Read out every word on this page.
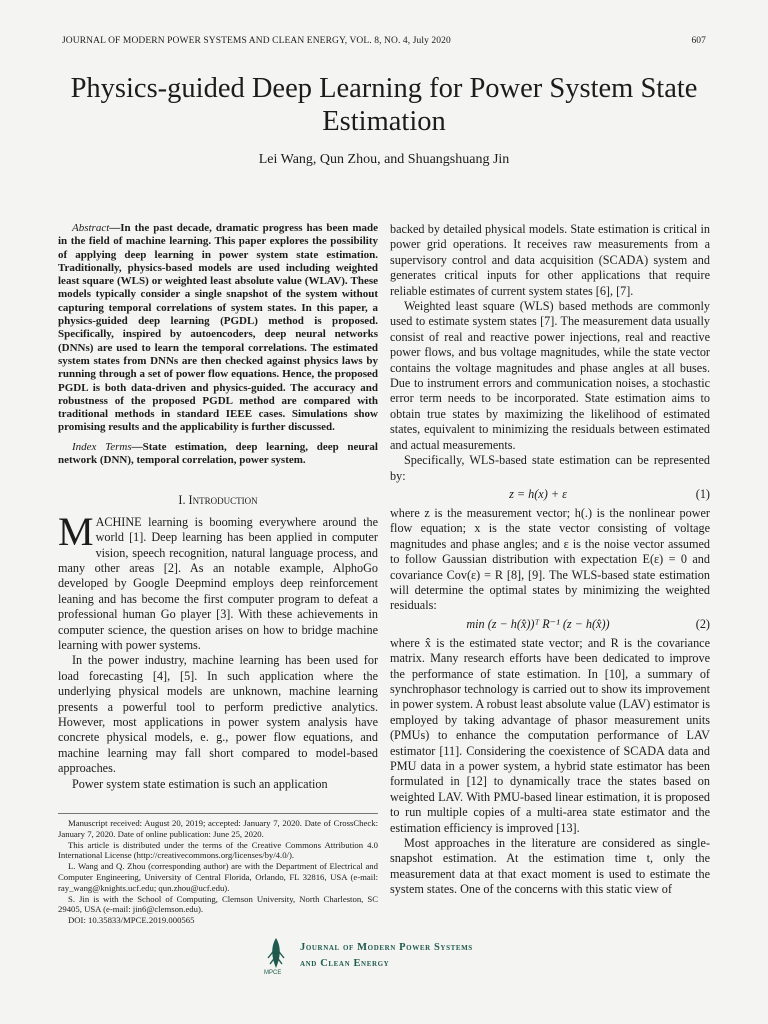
JOURNAL OF MODERN POWER SYSTEMS AND CLEAN ENERGY, VOL. 8, NO. 4, July 2020	607
Physics-guided Deep Learning for Power System State Estimation
Lei Wang, Qun Zhou, and Shuangshuang Jin

Abstract—In the past decade, dramatic progress has been made in the field of machine learning. This paper explores the possibility of applying deep learning in power system state estimation. Traditionally, physics-based models are used including weighted least square (WLS) or weighted least absolute value (WLAV). These models typically consider a single snapshot of the system without capturing temporal correlations of system states. In this paper, a physics-guided deep learning (PGDL) method is proposed. Specifically, inspired by autoencoders, deep neural networks (DNNs) are used to learn the temporal correlations. The estimated system states from DNNs are then checked against physics laws by running through a set of power flow equations. Hence, the proposed PGDL is both data-driven and physics-guided. The accuracy and robustness of the proposed PGDL method are compared with traditional methods in standard IEEE cases. Simulations show promising results and the applicability is further discussed.

Index Terms—State estimation, deep learning, deep neural network (DNN), temporal correlation, power system.

I. Introduction

MACHINE learning is booming everywhere around the world [1]. Deep learning has been applied in computer vision, speech recognition, natural language process, and many other areas [2]. As an notable example, AlphoGo developed by Google Deepmind employs deep reinforcement leaning and has become the first computer program to defeat a professional human Go player [3]. With these achievements in computer science, the question arises on how to bridge machine learning with power systems.

In the power industry, machine learning has been used for load forecasting [4], [5]. In such application where the underlying physical models are unknown, machine learning presents a powerful tool to perform predictive analytics. However, most applications in power system analysis have concrete physical models, e. g., power flow equations, and machine learning may fall short compared to model-based approaches.

Power system state estimation is such an application

Manuscript received: August 20, 2019; accepted: January 7, 2020. Date of CrossCheck: January 7, 2020. Date of online publication: June 25, 2020.

This article is distributed under the terms of the Creative Commons Attribution 4.0 International License (http://creativecommons.org/licenses/by/4.0/).

L. Wang and Q. Zhou (corresponding author) are with the Department of Electrical and Computer Engineering, University of Central Florida, Orlando, FL 32816, USA (e-mail: ray_wang@knights.ucf.edu; qun.zhou@ucf.edu).

S. Jin is with the School of Computing, Clemson University, North Charleston, SC 29405, USA (e-mail: jin6@clemson.edu).

DOI: 10.35833/MPCE.2019.000565

backed by detailed physical models. State estimation is critical in power grid operations. It receives raw measurements from a supervisory control and data acquisition (SCADA) system and generates critical inputs for other applications that require reliable estimates of current system states [6], [7].

Weighted least square (WLS) based methods are commonly used to estimate system states [7]. The measurement data usually consist of real and reactive power injections, real and reactive power flows, and bus voltage magnitudes, while the state vector contains the voltage magnitudes and phase angles at all buses. Due to instrument errors and communication noises, a stochastic error term needs to be incorporated. State estimation aims to obtain true states by maximizing the likelihood of estimated states, equivalent to minimizing the residuals between estimated and actual measurements.

Specifically, WLS-based state estimation can be represented by:

z = h(x) + ε	(1)

where z is the measurement vector; h(.) is the nonlinear power flow equation; x is the state vector consisting of voltage magnitudes and phase angles; and ε is the noise vector assumed to follow Gaussian distribution with expectation E(ε) = 0 and covariance Cov(ε) = R [8], [9]. The WLS-based state estimation will determine the optimal states by minimizing the weighted residuals:

min (z − h(x̂))ᵀ R⁻¹ (z − h(x̂))	(2)

where x̂ is the estimated state vector; and R is the covariance matrix. Many research efforts have been dedicated to improve the performance of state estimation. In [10], a summary of synchrophasor technology is carried out to show its improvement in power system. A robust least absolute value (LAV) estimator is employed by taking advantage of phasor measurement units (PMUs) to enhance the computation performance of LAV estimator [11]. Considering the coexistence of SCADA data and PMU data in a power system, a hybrid state estimator has been formulated in [12] to dynamically trace the states based on weighted LAV. With PMU-based linear estimation, it is proposed to run multiple copies of a multi-area state estimator and the estimation efficiency is improved [13].

Most approaches in the literature are considered as single-snapshot estimation. At the estimation time t, only the measurement data at that exact moment is used to estimate the system states. One of the concerns with this static view of

MPCE
Journal of Modern Power Systems
and Clean Energy
